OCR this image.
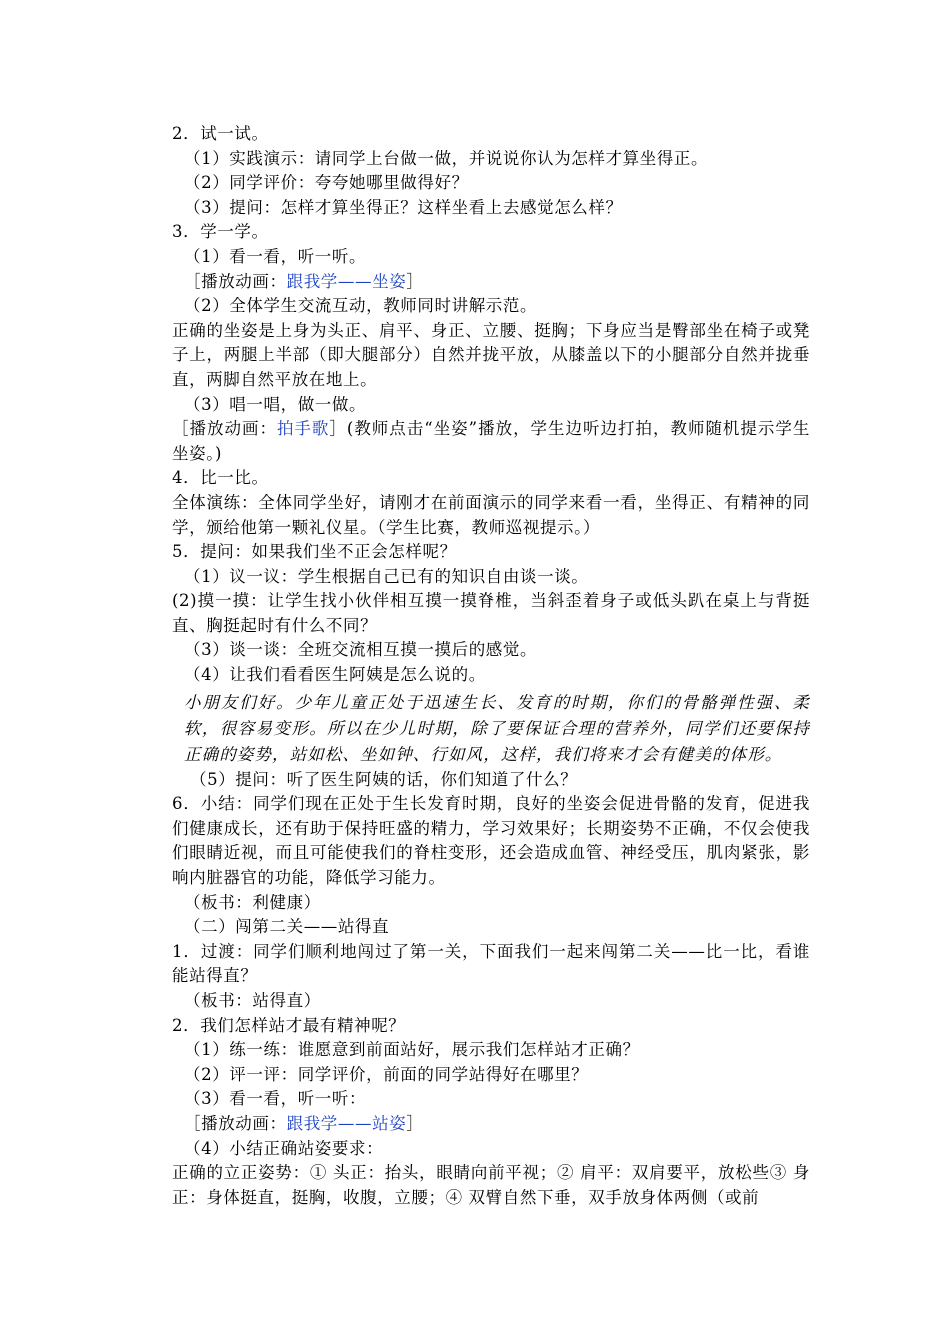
2．试一试。
（1）实践演示：请同学上台做一做，并说说你认为怎样才算坐得正。
（2）同学评价：夸夸她哪里做得好？
（3）提问：怎样才算坐得正？这样坐看上去感觉怎么样？
3．学一学。
（1）看一看，听一听。
［播放动画：跟我学——坐姿］
（2）全体学生交流互动，教师同时讲解示范。
正确的坐姿是上身为头正、肩平、身正、立腰、挺胸；下身应当是臀部坐在椅子或凳子上，两腿上半部（即大腿部分）自然并拢平放，从膝盖以下的小腿部分自然并拢垂直，两脚自然平放在地上。
（3）唱一唱，做一做。
［播放动画：拍手歌］(教师点击“坐姿”播放，学生边听边打拍，教师随机提示学生坐姿。)
4．比一比。
全体演练：全体同学坐好，请刚才在前面演示的同学来看一看，坐得正、有精神的同学，颁给他第一颗礼仪星。（学生比赛，教师巡视提示。）
5．提问：如果我们坐不正会怎样呢？
（1）议一议：学生根据自己已有的知识自由谈一谈。
(2)摸一摸：让学生找小伙伴相互摸一摸脊椎，当斜歪着身子或低头趴在桌上与背挺直、胸挺起时有什么不同？
（3）谈一谈：全班交流相互摸一摸后的感觉。
（4）让我们看看医生阿姨是怎么说的。
小朋友们好。少年儿童正处于迅速生长、发育的时期，你们的骨骼弹性强、柔软，很容易变形。所以在少儿时期，除了要保证合理的营养外，同学们还要保持正确的姿势，站如松、坐如钟、行如风，这样，我们将来才会有健美的体形。
（5）提问：听了医生阿姨的话，你们知道了什么？
6．小结：同学们现在正处于生长发育时期，良好的坐姿会促进骨骼的发育，促进我们健康成长，还有助于保持旺盛的精力，学习效果好；长期姿势不正确，不仅会使我们眼睛近视，而且可能使我们的脊柱变形，还会造成血管、神经受压，肌肉紧张，影响内脏器官的功能，降低学习能力。
（板书：利健康）
（二）闯第二关——站得直
1．过渡：同学们顺利地闯过了第一关，下面我们一起来闯第二关——比一比，看谁能站得直？
（板书：站得直）
2．我们怎样站才最有精神呢？
（1）练一练：谁愿意到前面站好，展示我们怎样站才正确？
（2）评一评：同学评价，前面的同学站得好在哪里？
（3）看一看，听一听：
［播放动画：跟我学——站姿］
（4）小结正确站姿要求：
正确的立正姿势：① 头正：抬头，眼睛向前平视；② 肩平：双肩要平，放松些③ 身正：身体挺直，挺胸，收腹，立腰；④ 双臂自然下垂，双手放身体两侧（或前
